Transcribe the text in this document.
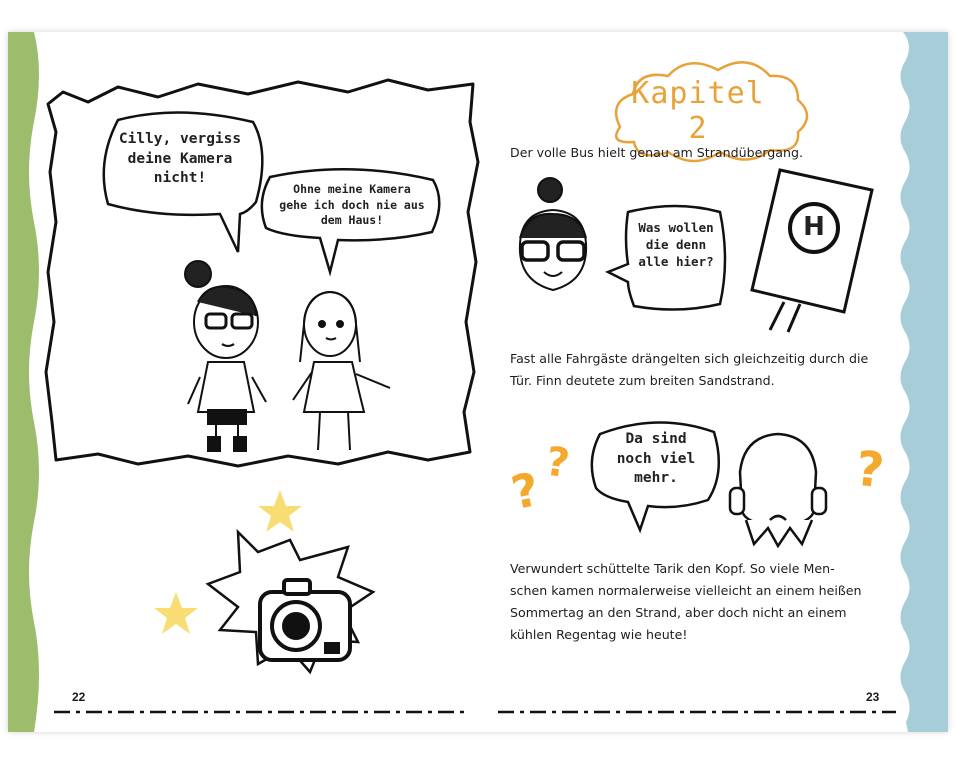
Cilly, vergiss deine Kamera nicht!
Ohne meine Kamera gehe ich doch nie aus dem Haus!
22
Kapitel 2
Der volle Bus hielt genau am Strandübergang.
Was wollen die denn alle hier?
H
Fast alle Fahrgäste drängelten sich gleichzeitig durch die
Tür. Finn deutete zum breiten Sandstrand.
Da sind noch viel mehr.
?
?	?
Verwundert schüttelte Tarik den Kopf. So viele Men-
schen kamen normalerweise vielleicht an einem heißen
Sommertag an den Strand, aber doch nicht an einem
kühlen Regentag wie heute!
23
